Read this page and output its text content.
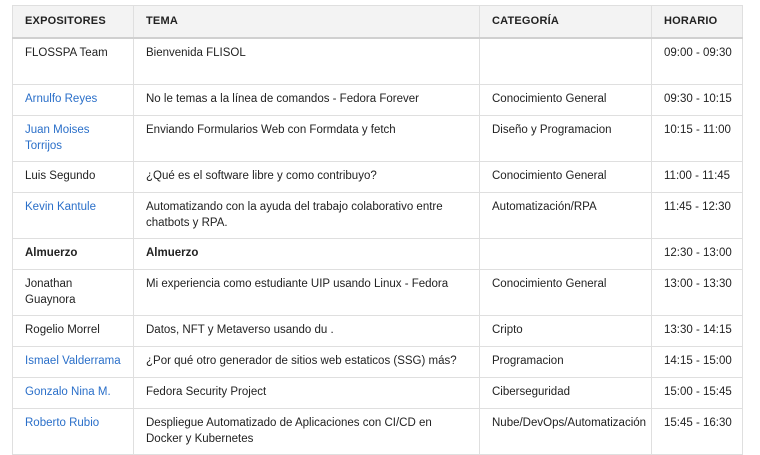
EXPOSITORES	TEMA	CATEGORÍA	HORARIO
FLOSSPA Team	Bienvenida FLISOL		09:00 - 09:30
Arnulfo Reyes	No le temas a la línea de comandos - Fedora Forever	Conocimiento General	09:30 - 10:15
Juan Moises Torrijos	Enviando Formularios Web con Formdata y fetch	Diseño y Programacion	10:15 - 11:00
Luis Segundo	¿Qué es el software libre y como contribuyo?	Conocimiento General	11:00 - 11:45
Kevin Kantule	Automatizando con la ayuda del trabajo colaborativo entre chatbots y RPA.	Automatización/RPA	11:45 - 12:30
Almuerzo	Almuerzo		12:30 - 13:00
Jonathan Guaynora	Mi experiencia como estudiante UIP usando Linux - Fedora	Conocimiento General	13:00 - 13:30
Rogelio Morrel	Datos, NFT y Metaverso usando du .	Cripto	13:30 - 14:15
Ismael Valderrama	¿Por qué otro generador de sitios web estaticos (SSG) más?	Programacion	14:15 - 15:00
Gonzalo Nina M.	Fedora Security Project	Ciberseguridad	15:00 - 15:45
Roberto Rubio	Despliegue Automatizado de Aplicaciones con CI/CD en Docker y Kubernetes	Nube/DevOps/Automatización	15:45 - 16:30
